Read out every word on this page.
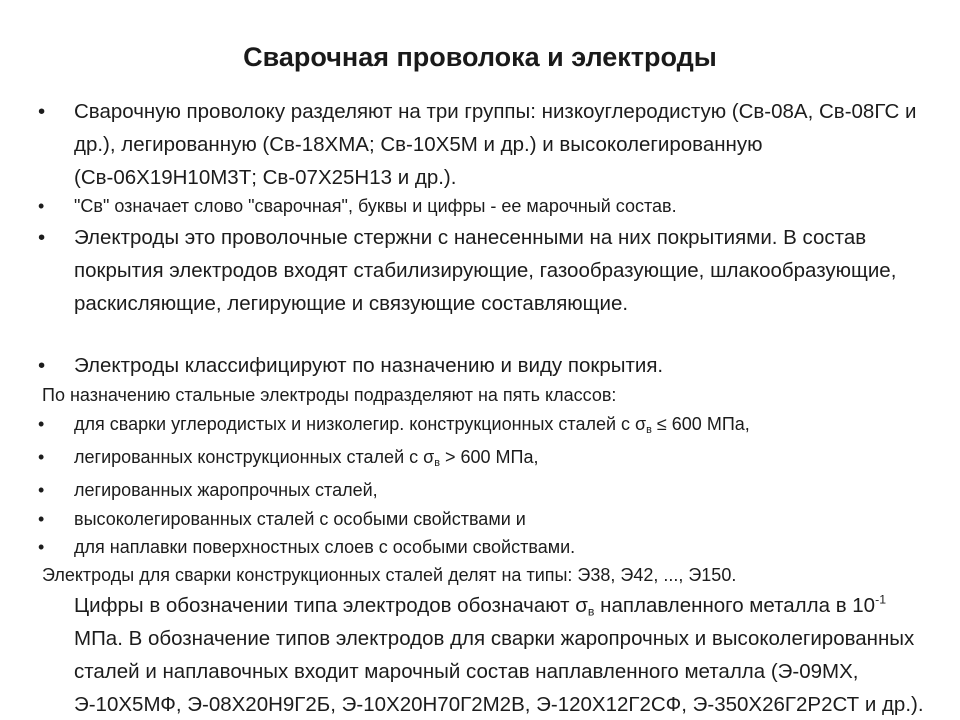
Сварочная проволока и электроды

• Сварочную проволоку разделяют на три группы: низкоуглеродистую (Св-08А, Св-08ГС и др.), легированную (Св-18ХМА; Св-10Х5М и др.) и высоколегированную (Св-06Х19Н10М3Т; Св-07Х25Н13 и др.).

• "Св" означает слово "сварочная", буквы и цифры - ее марочный состав.

• Электроды это проволочные стержни с нанесенными на них покрытиями. В состав покрытия электродов входят стабилизирующие, газообразующие, шлакообразующие, раскисляющие, легирующие и связующие составляющие.

• Электроды классифицируют по назначению и виду покрытия.

По назначению стальные электроды подразделяют на пять классов:

• для сварки углеродистых и низколегир. конструкционных сталей с $\sigma_в \le 600$ МПа,

• легированных конструкционных сталей с $\sigma_в > 600$ МПа,

• легированных жаропрочных сталей,

• высоколегированных сталей с особыми свойствами и

• для наплавки поверхностных слоев с особыми свойствами.

Электроды для сварки конструкционных сталей делят на типы: Э38, Э42, ..., Э150.

Цифры в обозначении типа электродов обозначают $\sigma_в$ наплавленного металла в $10^{-1}$ МПа. В обозначение типов электродов для сварки жаропрочных и высоколегированных сталей и наплавочных входит марочный состав наплавленного металла (Э-09МХ, Э-10Х5МФ, Э-08Х20Н9Г2Б, Э-10Х20Н70Г2М2В, Э-120Х12Г2СФ, Э-350Х26Г2Р2СТ и др.).
